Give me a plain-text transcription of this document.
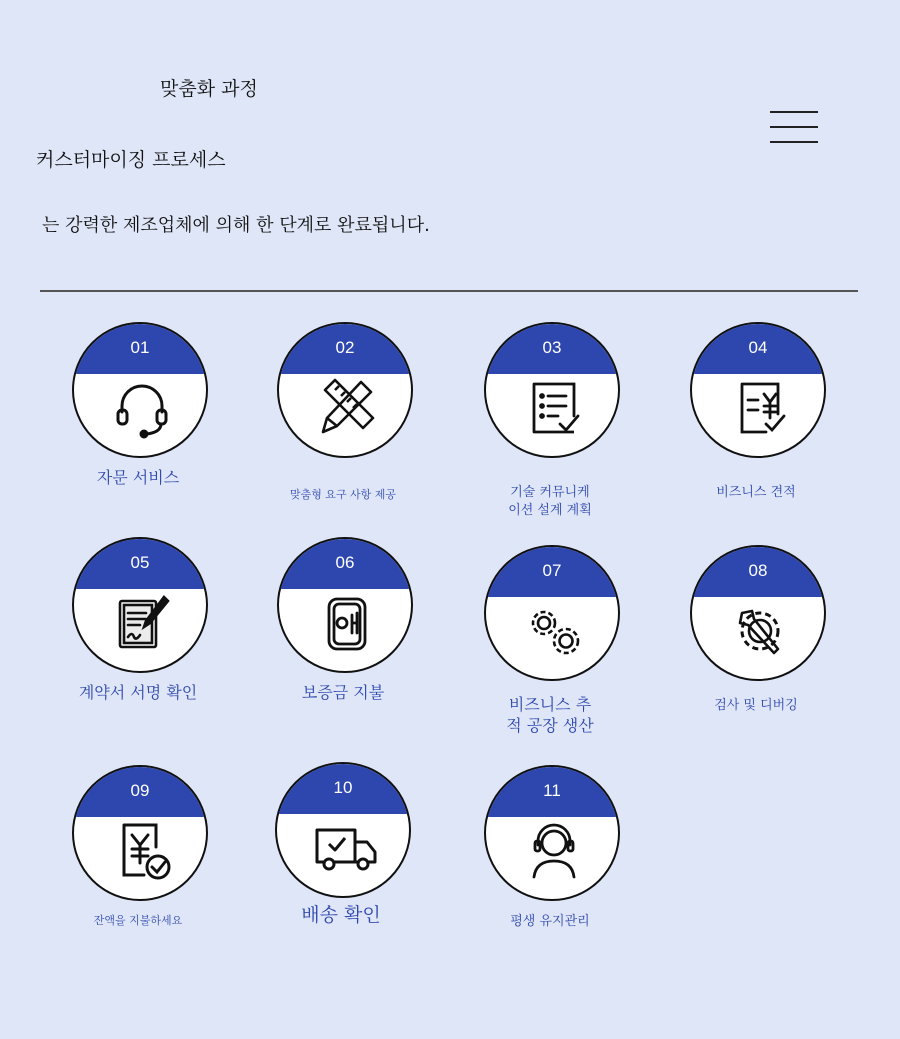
맞춤화 과정
커스터마이징 프로세스
는 강력한 제조업체에 의해 한 단계로 완료됩니다.
01
자문 서비스
02
맞춤형 요구 사항 제공
03
기술 커뮤니케
이션 설계 계획
04
비즈니스 견적
05
계약서 서명 확인
06
보증금 지불
07
비즈니스 추
적 공장 생산
08
검사 및 디버깅
09
잔액을 지불하세요
10
배송 확인
11
평생 유지관리
